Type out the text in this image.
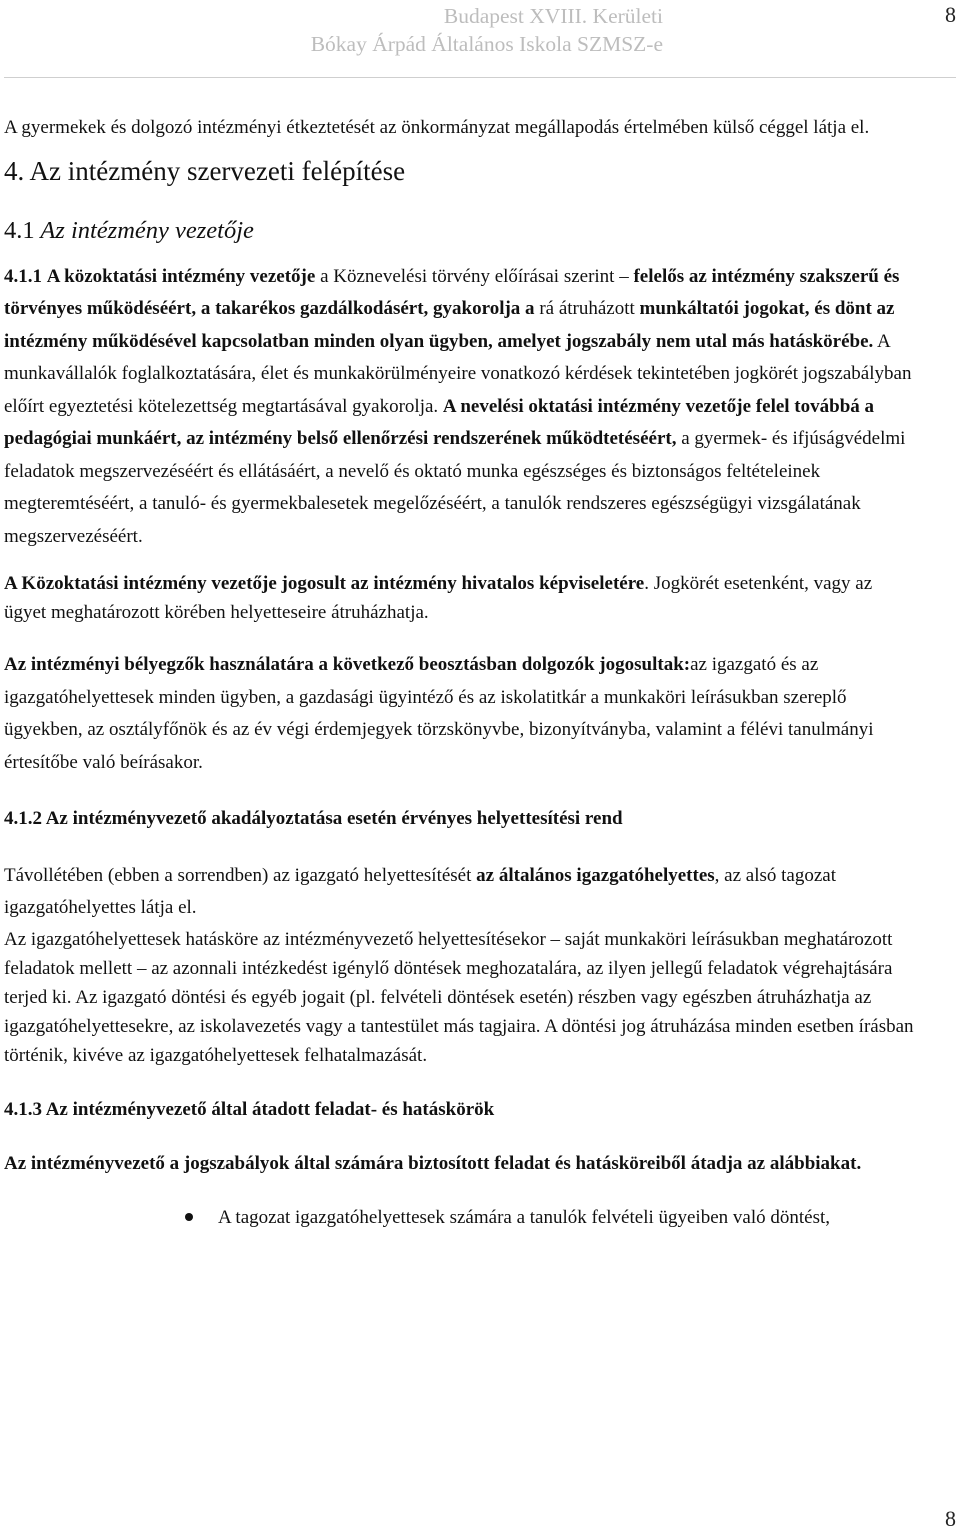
Budapest XVIII. Kerületi
Bókay Árpád Általános Iskola SZMSZ-e
8

A gyermekek és dolgozó intézményi étkeztetését az önkormányzat megállapodás értelmében külső céggel látja el.

4. Az intézmény szervezeti felépítése

4.1 Az intézmény vezetője

4.1.1 A közoktatási intézmény vezetője a Köznevelési törvény előírásai szerint – felelős az intézmény szakszerű és törvényes működéséért, a takarékos gazdálkodásért, gyakorolja a rá átruházott munkáltatói jogokat, és dönt az intézmény működésével kapcsolatban minden olyan ügyben, amelyet jogszabály nem utal más hatáskörébe. A munkavállalók foglalkoztatására, élet és munkakörülményeire vonatkozó kérdések tekintetében jogkörét jogszabályban előírt egyeztetési kötelezettség megtartásával gyakorolja. A nevelési oktatási intézmény vezetője felel továbbá a pedagógiai munkáért, az intézmény belső ellenőrzési rendszerének működtetéséért, a gyermek- és ifjúságvédelmi feladatok megszervezéséért és ellátásáért, a nevelő és oktató munka egészséges és biztonságos feltételeinek megteremtéséért, a tanuló- és gyermekbalesetek megelőzéséért, a tanulók rendszeres egészségügyi vizsgálatának megszervezéséért.

A Közoktatási intézmény vezetője jogosult az intézmény hivatalos képviseletére. Jogkörét esetenként, vagy az ügyet meghatározott körében helyetteseire átruházhatja.

Az intézményi bélyegzők használatára a következő beosztásban dolgozók jogosultak:az igazgató és az igazgatóhelyettesek minden ügyben, a gazdasági ügyintéző és az iskolatitkár a munkaköri leírásukban szereplő ügyekben, az osztályfőnök és az év végi érdemjegyek törzskönyvbe, bizonyítványba, valamint a félévi tanulmányi értesítőbe való beírásakor.

4.1.2 Az intézményvezető akadályoztatása esetén érvényes helyettesítési rend

Távollétében (ebben a sorrendben) az igazgató helyettesítését az általános igazgatóhelyettes, az alsó tagozat igazgatóhelyettes látja el.

Az igazgatóhelyettesek hatásköre az intézményvezető helyettesítésekor – saját munkaköri leírásukban meghatározott feladatok mellett – az azonnali intézkedést igénylő döntések meghozatalára, az ilyen jellegű feladatok végrehajtására terjed ki. Az igazgató döntési és egyéb jogait (pl. felvételi döntések esetén) részben vagy egészben átruházhatja az igazgatóhelyettesekre, az iskolavezetés vagy a tantestület más tagjaira. A döntési jog átruházása minden esetben írásban történik, kivéve az igazgatóhelyettesek felhatalmazását.

4.1.3 Az intézményvezető által átadott feladat- és hatáskörök

Az intézményvezető a jogszabályok által számára biztosított feladat és hatásköreiből átadja az alábbiakat.

A tagozat igazgatóhelyettesek számára a tanulók felvételi ügyeiben való döntést,
8
